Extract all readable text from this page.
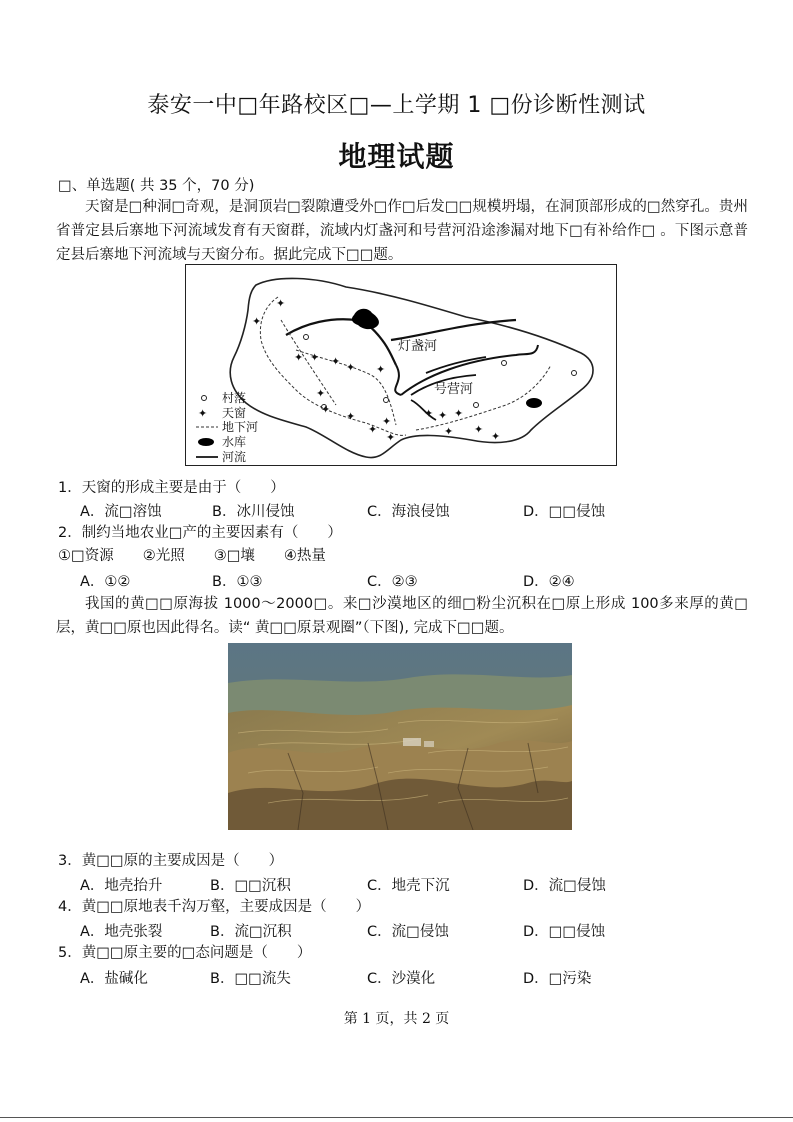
泰安一中□年路校区□—上学期 1 □份诊断性测试
地理试题
□、单选题( 共 35 个，70 分)
天窗是□种洞□奇观，是洞顶岩□裂隙遭受外□作□后发□□规模坍塌，在洞顶部形成的□然穿孔。贵州省普定县后寨地下河流域发育有天窗群，流域内灯盏河和号营河沿途渗漏对地下□有补给作□ 。下图示意普定县后寨地下河流域与天窗分布。据此完成下□□题。
✦
✦ ✦ ✦ ✦ ✦
✦
✦
✦
✦
✦
✦
✦ ✦ ✦
✦ ✦
✦
✦
灯盏河
号营河
村落
✦ 天窗
地下河
水库
河流
1．天窗的形成主要是由于（　　）
A．流□溶蚀	B．冰川侵蚀	C．海浪侵蚀	D．□□侵蚀
2．制约当地农业□产的主要因素有（　　）
①□资源　　②光照　　③□壤　　④热量
A．①②	B．①③	C．②③	D．②④
我国的黄□□原海拔 1000～2000□。来□沙漠地区的细□粉尘沉积在□原上形成 100多来厚的黄□层，黄□□原也因此得名。读“ 黄□□原景观圈”（下图), 完成下□□题。
3．黄□□原的主要成因是（　　）
A．地壳抬升	B．□□沉积	C．地壳下沉	D．流□侵蚀
4．黄□□原地表千沟万壑，主要成因是（　　）
A．地壳张裂	B．流□沉积	C．流□侵蚀	D．□□侵蚀
5．黄□□原主要的□态问题是（　　）
A．盐碱化	B．□□流失	C．沙漠化	D．□污染
第 1 页，共 2 页
